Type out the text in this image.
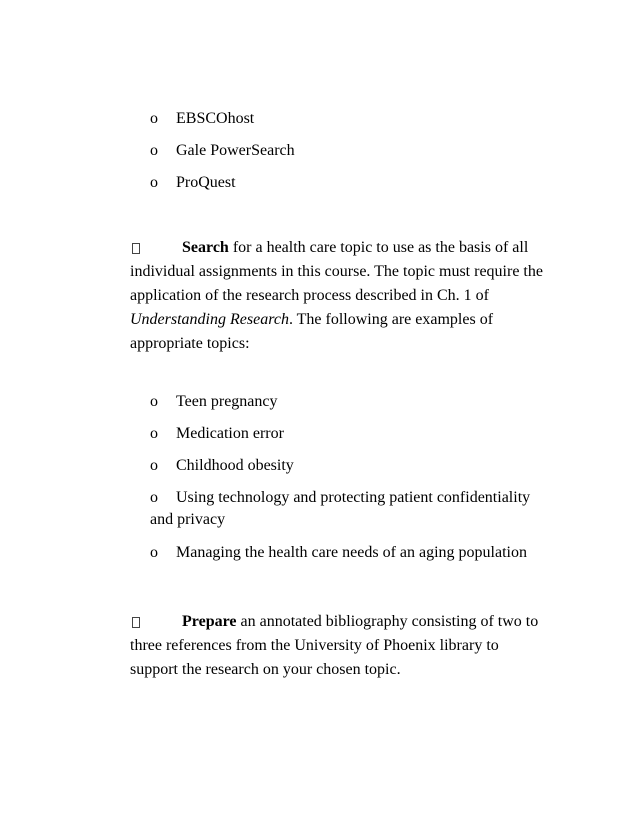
o EBSCOhost
o Gale PowerSearch
o ProQuest
Search for a health care topic to use as the basis of all
individual assignments in this course. The topic must require the
application of the research process described in Ch. 1 of
Understanding Research. The following are examples of
appropriate topics:
o Teen pregnancy
o Medication error
o Childhood obesity
o Using technology and protecting patient confidentiality
and privacy
o Managing the health care needs of an aging population
Prepare an annotated bibliography consisting of two to
three references from the University of Phoenix library to
support the research on your chosen topic.
